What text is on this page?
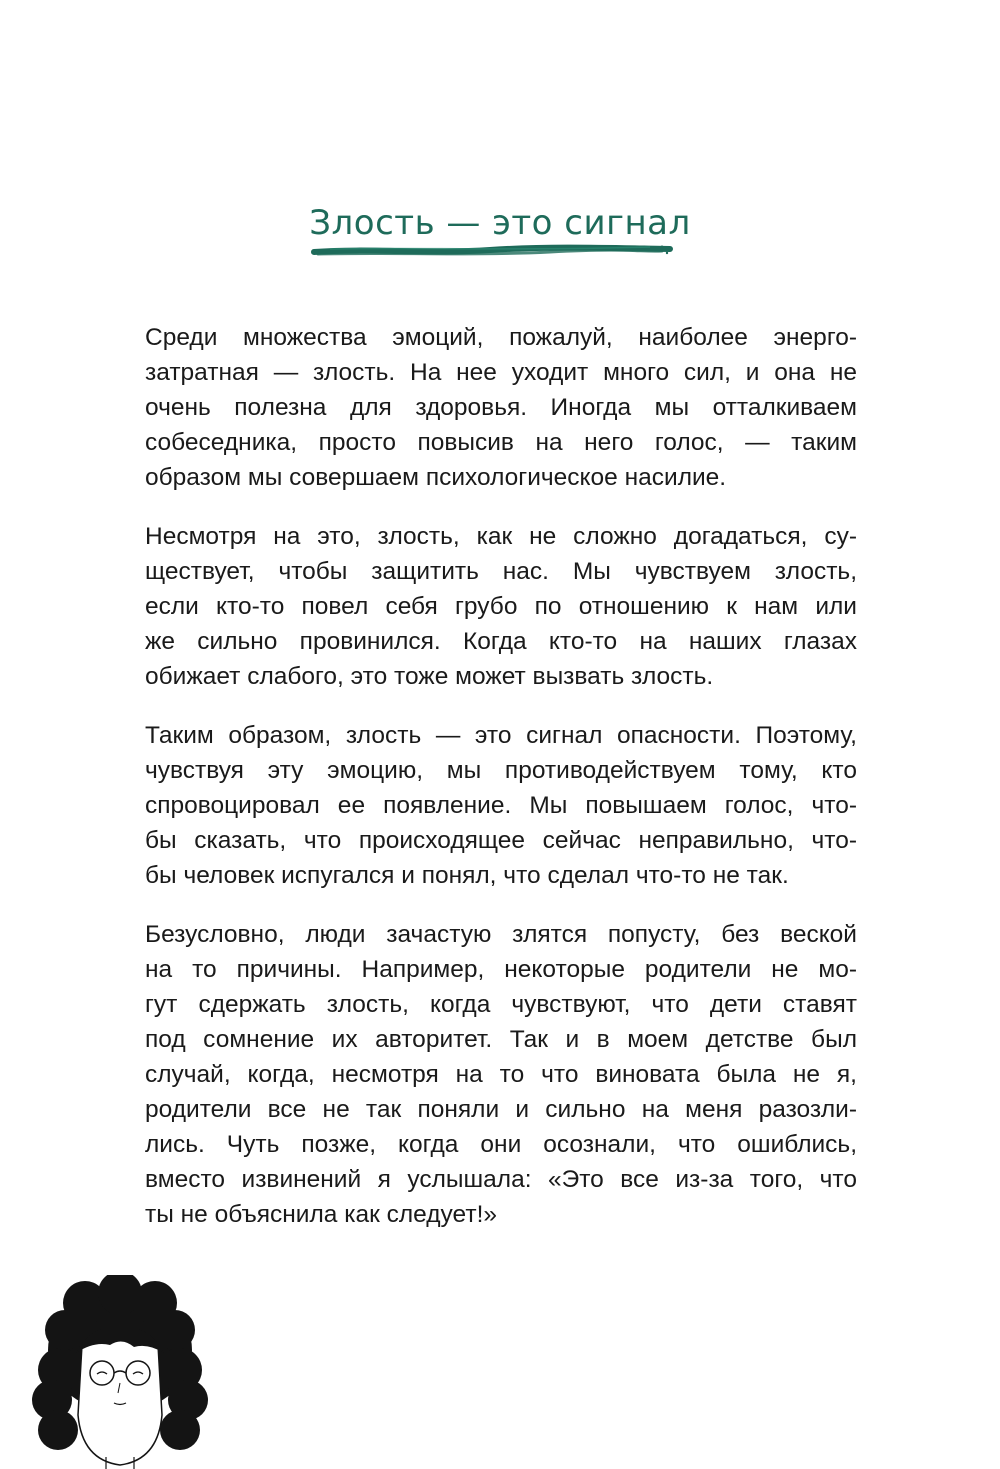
Злость — это сигнал

Среди множества эмоций, пожалуй, наиболее энерго-
затратная — злость. На нее уходит много сил, и она не
очень полезна для здоровья. Иногда мы отталкиваем
собеседника, просто повысив на него голос, — таким
образом мы совершаем психологическое насилие.

Несмотря на это, злость, как не сложно догадаться, су-
ществует, чтобы защитить нас. Мы чувствуем злость,
если кто-то повел себя грубо по отношению к нам или
же сильно провинился. Когда кто-то на наших глазах
обижает слабого, это тоже может вызвать злость.

Таким образом, злость — это сигнал опасности. Поэтому,
чувствуя эту эмоцию, мы противодействуем тому, кто
спровоцировал ее появление. Мы повышаем голос, что-
бы сказать, что происходящее сейчас неправильно, что-
бы человек испугался и понял, что сделал что-то не так.

Безусловно, люди зачастую злятся попусту, без веской
на то причины. Например, некоторые родители не мо-
гут сдержать злость, когда чувствуют, что дети ставят
под сомнение их авторитет. Так и в моем детстве был
случай, когда, несмотря на то что виновата была не я,
родители все не так поняли и сильно на меня разозли-
лись. Чуть позже, когда они осознали, что ошиблись,
вместо извинений я услышала: «Это все из-за того, что
ты не объяснила как следует!»
